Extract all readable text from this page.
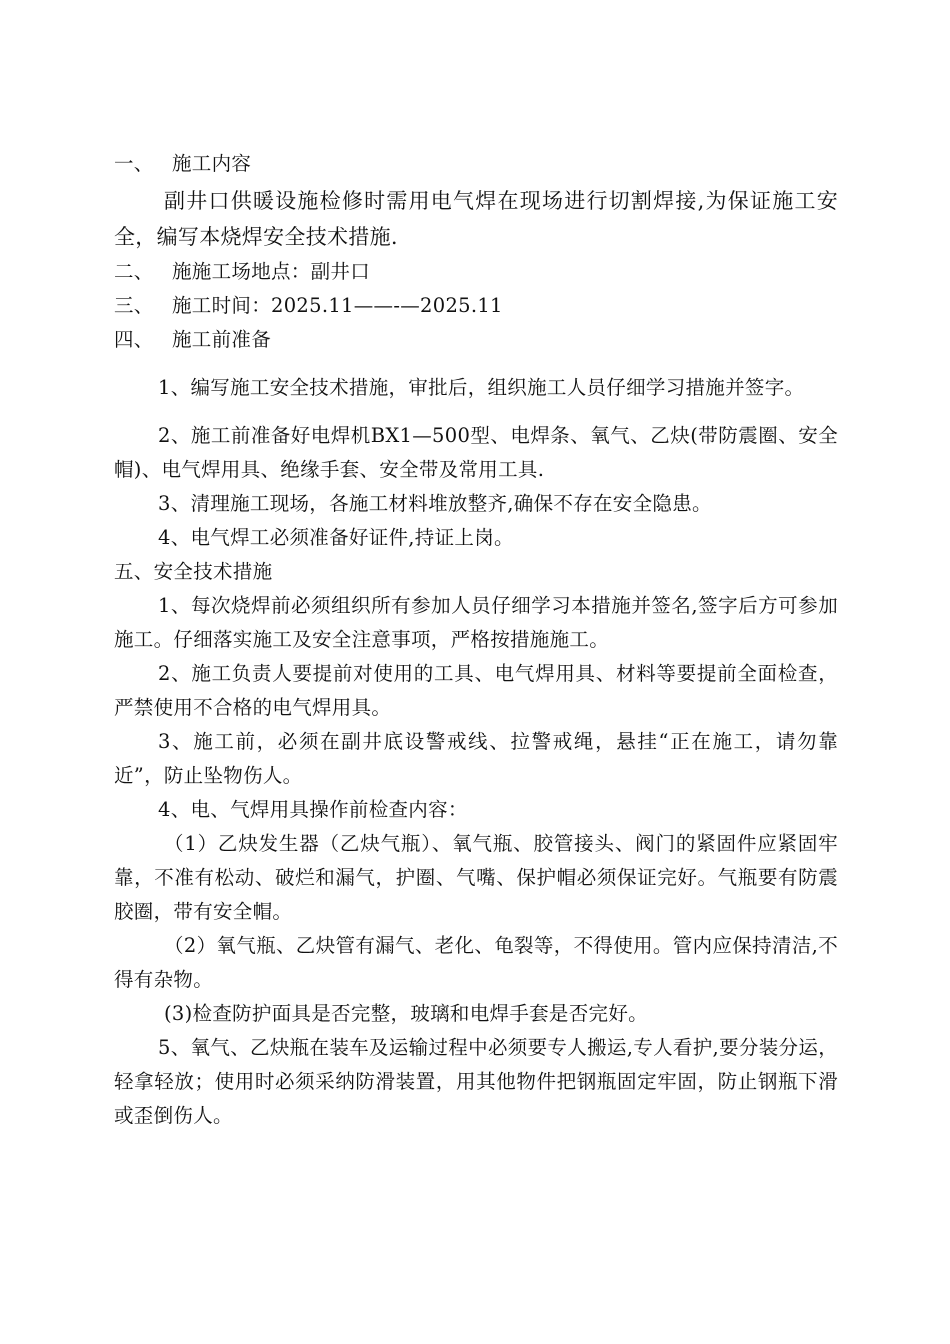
一、 施工内容

副井口供暖设施检修时需用电气焊在现场进行切割焊接,为保证施工安全，编写本烧焊安全技术措施.

二、 施施工场地点：副井口
三、 施工时间：2025.11——-—2025.11
四、 施工前准备

1、编写施工安全技术措施，审批后，组织施工人员仔细学习措施并签字。

2、施工前准备好电焊机BX1—500型、电焊条、氧气、乙炔(带防震圈、安全帽)、电气焊用具、绝缘手套、安全带及常用工具.

3、清理施工现场，各施工材料堆放整齐,确保不存在安全隐患。

4、电气焊工必须准备好证件,持证上岗。

五、安全技术措施

1、每次烧焊前必须组织所有参加人员仔细学习本措施并签名,签字后方可参加施工。仔细落实施工及安全注意事项，严格按措施施工。

2、施工负责人要提前对使用的工具、电气焊用具、材料等要提前全面检查，严禁使用不合格的电气焊用具。

3、施工前，必须在副井底设警戒线、拉警戒绳，悬挂“正在施工，请勿靠近”，防止坠物伤人。

4、电、气焊用具操作前检查内容：

（1）乙炔发生器（乙炔气瓶）、氧气瓶、胶管接头、阀门的紧固件应紧固牢靠，不准有松动、破烂和漏气，护圈、气嘴、保护帽必须保证完好。气瓶要有防震胶圈，带有安全帽。

（2）氧气瓶、乙炔管有漏气、老化、龟裂等，不得使用。管内应保持清洁,不得有杂物。

(3)检查防护面具是否完整，玻璃和电焊手套是否完好。

5、氧气、乙炔瓶在装车及运输过程中必须要专人搬运,专人看护,要分装分运，轻拿轻放；使用时必须采纳防滑装置，用其他物件把钢瓶固定牢固，防止钢瓶下滑或歪倒伤人。
